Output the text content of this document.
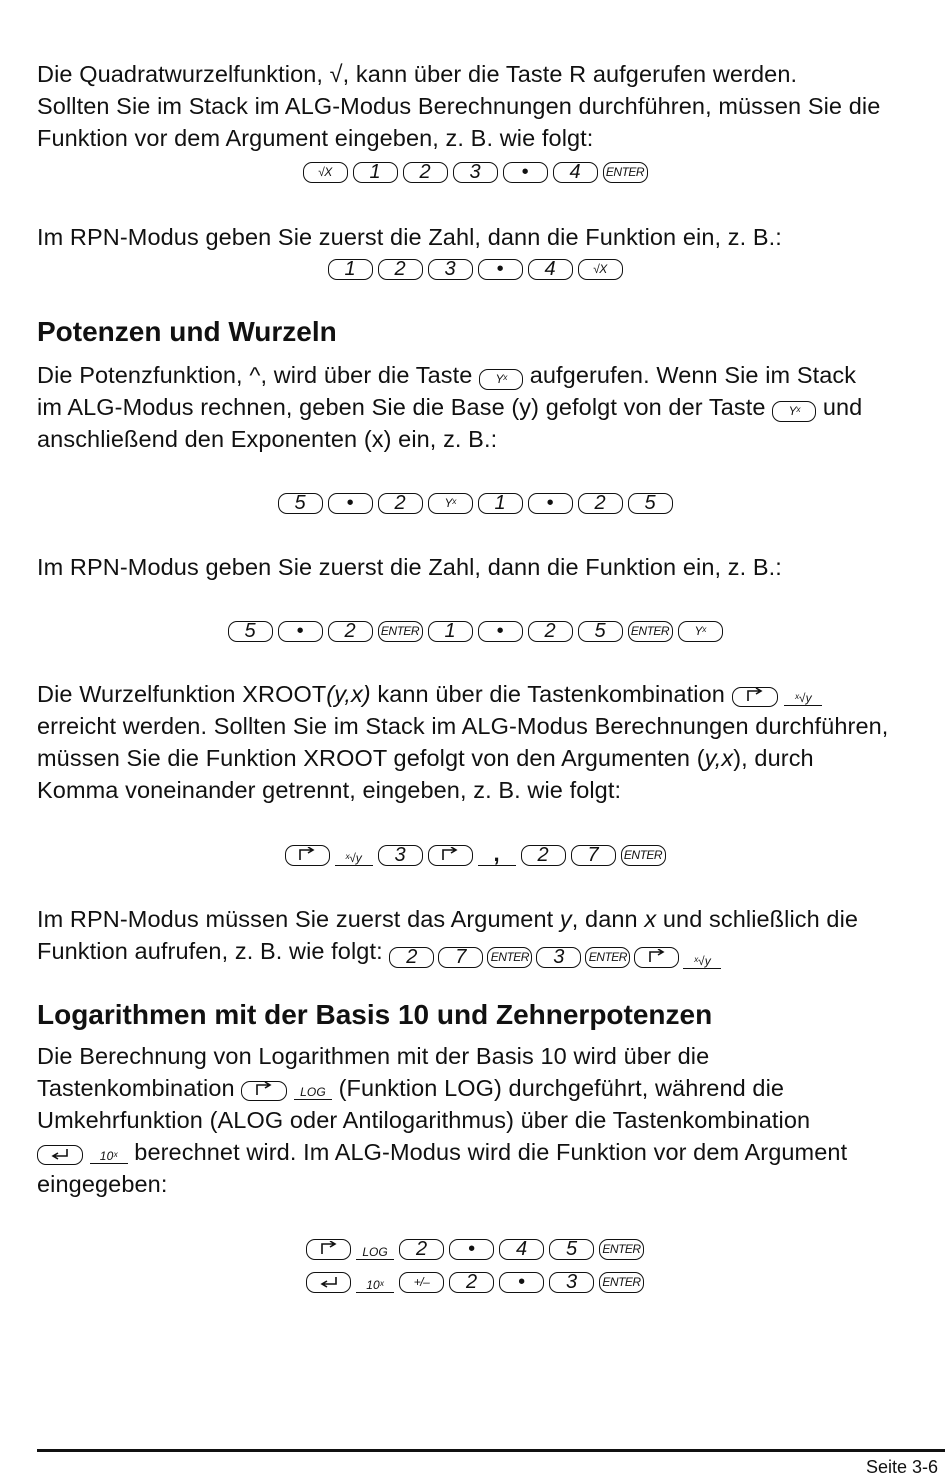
Die Quadratwurzelfunktion, √, kann über die Taste R aufgerufen werden.
Sollten Sie im Stack im ALG-Modus Berechnungen durchführen, müssen Sie die
Funktion vor dem Argument eingeben, z. B. wie folgt:

√X	1	2	3	•	4	ENTER

Im RPN-Modus geben Sie zuerst die Zahl, dann die Funktion ein, z. B.:

1	2	3	•	4	√X
Potenzen und Wurzeln

Die Potenzfunktion, ^, wird über die Taste Yˣ aufgerufen. Wenn Sie im Stack
im ALG-Modus rechnen, geben Sie die Base (y) gefolgt von der Taste Yˣ und
anschließend den Exponenten (x) ein, z. B.:

5	•	2	Yˣ	1	•	2	5

Im RPN-Modus geben Sie zuerst die Zahl, dann die Funktion ein, z. B.:

5	•	2	ENTER	1	•	2	5	ENTER	Yˣ

Die Wurzelfunktion XROOT(y,x) kann über die Tastenkombination	ˣ√y
erreicht werden. Sollten Sie im Stack im ALG-Modus Berechnungen durchführen,
müssen Sie die Funktion XROOT gefolgt von den Argumenten (y,x), durch
Komma voneinander getrennt, eingeben, z. B. wie folgt:

ˣ√y	3	,	2	7	ENTER

Im RPN-Modus müssen Sie zuerst das Argument y, dann x und schließlich die
Funktion aufrufen, z. B. wie folgt:	2	7	ENTER	3	ENTER	ˣ√y

Logarithmen mit der Basis 10 und Zehnerpotenzen

Die Berechnung von Logarithmen mit der Basis 10 wird über die
Tastenkombination	LOG (Funktion LOG) durchgeführt, während die
Umkehrfunktion (ALOG oder Antilogarithmus) über die Tastenkombination

10ˣ berechnet wird. Im ALG-Modus wird die Funktion vor dem Argument
eingegeben:

LOG	2	•	4	5	ENTER
10ˣ	+/–	2	•	3	ENTER
Seite 3-6
